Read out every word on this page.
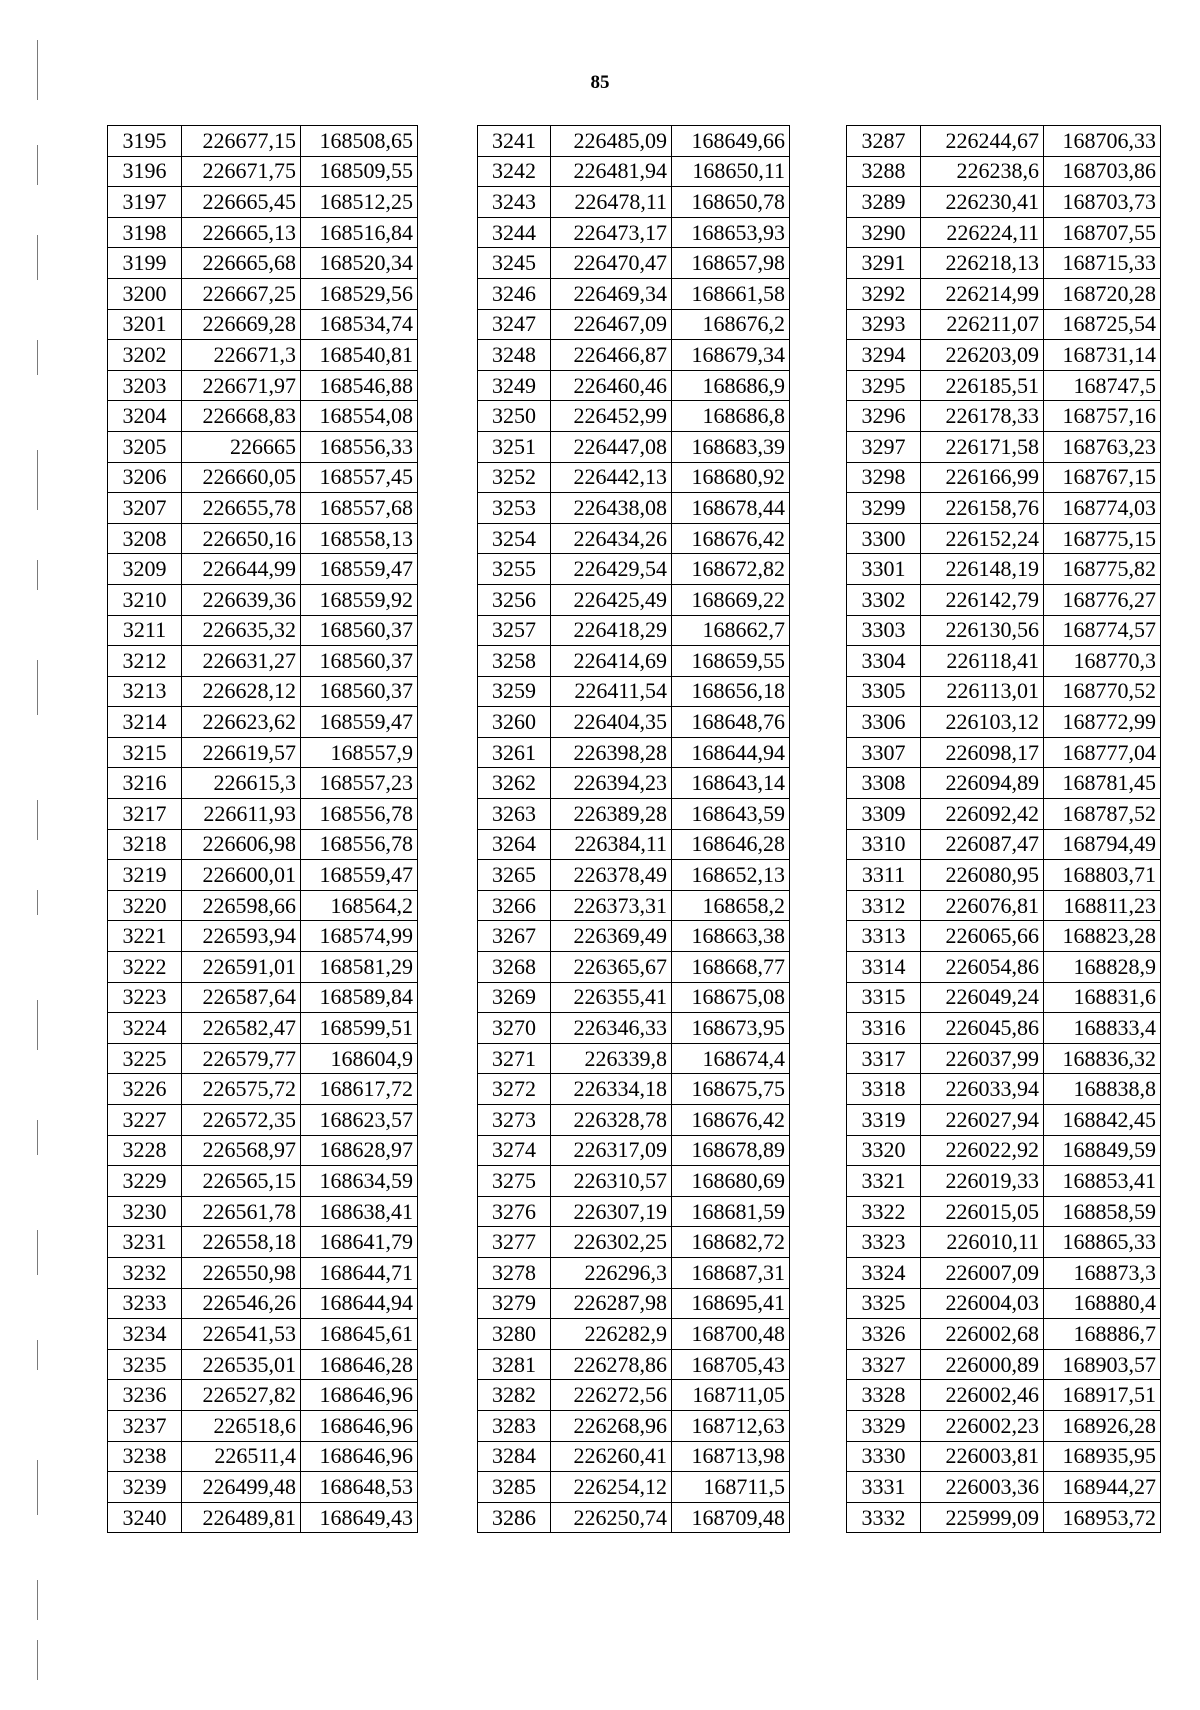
85
3195	226677,15	168508,65
3196	226671,75	168509,55
3197	226665,45	168512,25
3198	226665,13	168516,84
3199	226665,68	168520,34
3200	226667,25	168529,56
3201	226669,28	168534,74
3202	226671,3	168540,81
3203	226671,97	168546,88
3204	226668,83	168554,08
3205	226665	168556,33
3206	226660,05	168557,45
3207	226655,78	168557,68
3208	226650,16	168558,13
3209	226644,99	168559,47
3210	226639,36	168559,92
3211	226635,32	168560,37
3212	226631,27	168560,37
3213	226628,12	168560,37
3214	226623,62	168559,47
3215	226619,57	168557,9
3216	226615,3	168557,23
3217	226611,93	168556,78
3218	226606,98	168556,78
3219	226600,01	168559,47
3220	226598,66	168564,2
3221	226593,94	168574,99
3222	226591,01	168581,29
3223	226587,64	168589,84
3224	226582,47	168599,51
3225	226579,77	168604,9
3226	226575,72	168617,72
3227	226572,35	168623,57
3228	226568,97	168628,97
3229	226565,15	168634,59
3230	226561,78	168638,41
3231	226558,18	168641,79
3232	226550,98	168644,71
3233	226546,26	168644,94
3234	226541,53	168645,61
3235	226535,01	168646,28
3236	226527,82	168646,96
3237	226518,6	168646,96
3238	226511,4	168646,96
3239	226499,48	168648,53
3240	226489,81	168649,43
3241	226485,09	168649,66
3242	226481,94	168650,11
3243	226478,11	168650,78
3244	226473,17	168653,93
3245	226470,47	168657,98
3246	226469,34	168661,58
3247	226467,09	168676,2
3248	226466,87	168679,34
3249	226460,46	168686,9
3250	226452,99	168686,8
3251	226447,08	168683,39
3252	226442,13	168680,92
3253	226438,08	168678,44
3254	226434,26	168676,42
3255	226429,54	168672,82
3256	226425,49	168669,22
3257	226418,29	168662,7
3258	226414,69	168659,55
3259	226411,54	168656,18
3260	226404,35	168648,76
3261	226398,28	168644,94
3262	226394,23	168643,14
3263	226389,28	168643,59
3264	226384,11	168646,28
3265	226378,49	168652,13
3266	226373,31	168658,2
3267	226369,49	168663,38
3268	226365,67	168668,77
3269	226355,41	168675,08
3270	226346,33	168673,95
3271	226339,8	168674,4
3272	226334,18	168675,75
3273	226328,78	168676,42
3274	226317,09	168678,89
3275	226310,57	168680,69
3276	226307,19	168681,59
3277	226302,25	168682,72
3278	226296,3	168687,31
3279	226287,98	168695,41
3280	226282,9	168700,48
3281	226278,86	168705,43
3282	226272,56	168711,05
3283	226268,96	168712,63
3284	226260,41	168713,98
3285	226254,12	168711,5
3286	226250,74	168709,48
3287	226244,67	168706,33
3288	226238,6	168703,86
3289	226230,41	168703,73
3290	226224,11	168707,55
3291	226218,13	168715,33
3292	226214,99	168720,28
3293	226211,07	168725,54
3294	226203,09	168731,14
3295	226185,51	168747,5
3296	226178,33	168757,16
3297	226171,58	168763,23
3298	226166,99	168767,15
3299	226158,76	168774,03
3300	226152,24	168775,15
3301	226148,19	168775,82
3302	226142,79	168776,27
3303	226130,56	168774,57
3304	226118,41	168770,3
3305	226113,01	168770,52
3306	226103,12	168772,99
3307	226098,17	168777,04
3308	226094,89	168781,45
3309	226092,42	168787,52
3310	226087,47	168794,49
3311	226080,95	168803,71
3312	226076,81	168811,23
3313	226065,66	168823,28
3314	226054,86	168828,9
3315	226049,24	168831,6
3316	226045,86	168833,4
3317	226037,99	168836,32
3318	226033,94	168838,8
3319	226027,94	168842,45
3320	226022,92	168849,59
3321	226019,33	168853,41
3322	226015,05	168858,59
3323	226010,11	168865,33
3324	226007,09	168873,3
3325	226004,03	168880,4
3326	226002,68	168886,7
3327	226000,89	168903,57
3328	226002,46	168917,51
3329	226002,23	168926,28
3330	226003,81	168935,95
3331	226003,36	168944,27
3332	225999,09	168953,72
